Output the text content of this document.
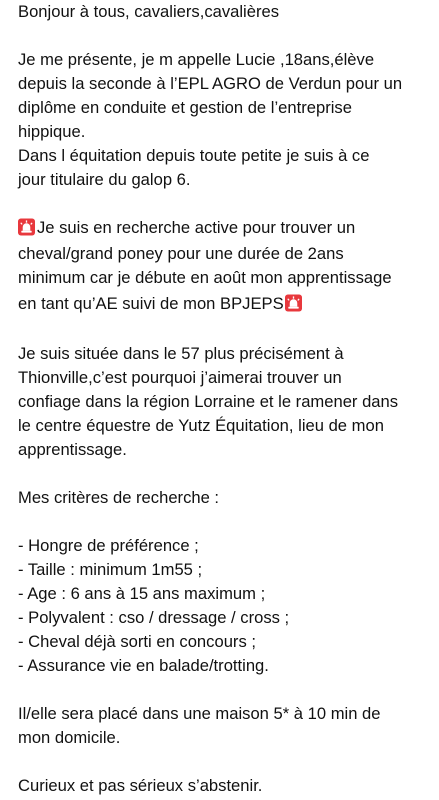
Bonjour à tous, cavaliers,cavalières
Je me présente, je m appelle Lucie ,18ans,élève
depuis la seconde à l’EPL AGRO de Verdun pour un
diplôme en conduite et gestion de l’entreprise
hippique.
Dans l équitation depuis toute petite je suis à ce
jour titulaire du galop 6.
Je suis en recherche active pour trouver un
cheval/grand poney pour une durée de 2ans
minimum car je débute en août mon apprentissage
en tant qu’AE suivi de mon BPJEPS
Je suis située dans le 57 plus précisément à
Thionville,c’est pourquoi j’aimerai trouver un
confiage dans la région Lorraine et le ramener dans
le centre équestre de Yutz Équitation, lieu de mon
apprentissage.
Mes critères de recherche :
- Hongre de préférence ;
- Taille : minimum 1m55 ;
- Age : 6 ans à 15 ans maximum ;
- Polyvalent : cso / dressage / cross ;
- Cheval déjà sorti en concours ;
- Assurance vie en balade/trotting.
Il/elle sera placé dans une maison 5* à 10 min de
mon domicile.
Curieux et pas sérieux s’abstenir.
